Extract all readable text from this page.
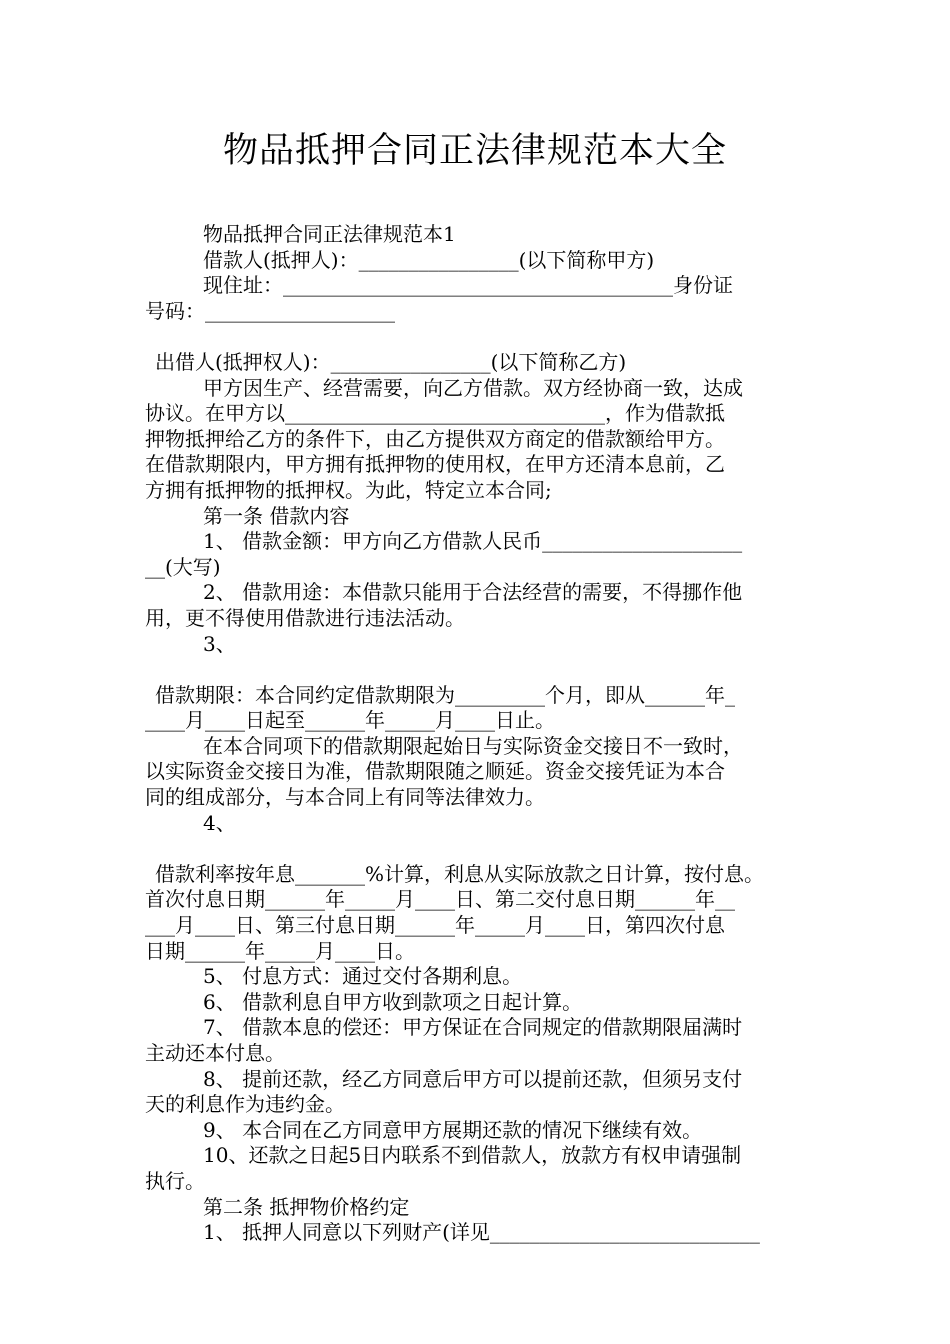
物品抵押合同正法律规范本大全

物品抵押合同正法律规范本1

借款人(抵押人)：________________(以下简称甲方)

现住址：_______________________________________身份证

号码：___________________

出借人(抵押权人)：________________(以下简称乙方)

甲方因生产、经营需要，向乙方借款。双方经协商一致，达成

协议。在甲方以________________________________，作为借款抵

押物抵押给乙方的条件下，由乙方提供双方商定的借款额给甲方。

在借款期限内，甲方拥有抵押物的使用权，在甲方还清本息前，乙

方拥有抵押物的抵押权。为此，特定立本合同;

第一条 借款内容

1、 借款金额：甲方向乙方借款人民币____________________

__(大写)

2、 借款用途：本借款只能用于合法经营的需要，不得挪作他

用，更不得使用借款进行违法活动。

3、

借款期限：本合同约定借款期限为_________个月，即从______年_

____月____日起至______年_____月____日止。

在本合同项下的借款期限起始日与实际资金交接日不一致时，

以实际资金交接日为准，借款期限随之顺延。资金交接凭证为本合

同的组成部分，与本合同上有同等法律效力。

4、

借款利率按年息_______%计算，利息从实际放款之日计算，按付息。

首次付息日期______年_____月____日、第二交付息日期______年__

___月____日、第三付息日期______年_____月____日，第四次付息

日期______年_____月____日。

5、 付息方式：通过交付各期利息。

6、 借款利息自甲方收到款项之日起计算。

7、 借款本息的偿还：甲方保证在合同规定的借款期限届满时

主动还本付息。

8、 提前还款，经乙方同意后甲方可以提前还款，但须另支付

天的利息作为违约金。

9、 本合同在乙方同意甲方展期还款的情况下继续有效。

10、还款之日起5日内联系不到借款人，放款方有权申请强制

执行。

第二条 抵押物价格约定

1、 抵押人同意以下列财产(详见___________________________
